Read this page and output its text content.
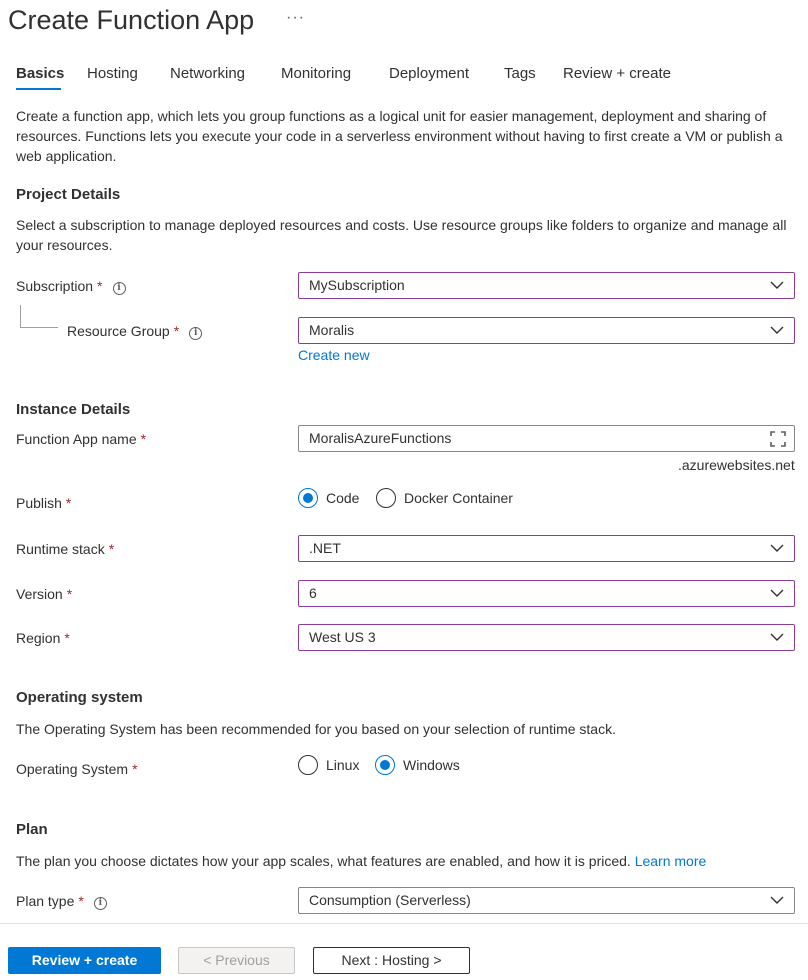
Create Function App ···
Basics Hosting Networking Monitoring	Deployment Tags Review + create
Create a function app, which lets you group functions as a logical unit for easier management, deployment and sharing of resources. Functions lets you execute your code in a serverless environment without having to first create a VM or publish a web application.
Project Details
Select a subscription to manage deployed resources and costs. Use resource groups like folders to organize and manage all your resources.
Subscription * i	MySubscription
Resource Group * i	Moralis
Create new
Instance Details
Function App name *	MoralisAzureFunctions
.azurewebsites.net
Publish *	Code	Docker Container
Runtime stack *	.NET
Version *	6
Region *	West US 3
Operating system
The Operating System has been recommended for you based on your selection of runtime stack.
Operating System *	Linux	Windows
Plan
The plan you choose dictates how your app scales, what features are enabled, and how it is priced. Learn more
Plan type * i	Consumption (Serverless)
Review + create	< Previous	Next : Hosting >
